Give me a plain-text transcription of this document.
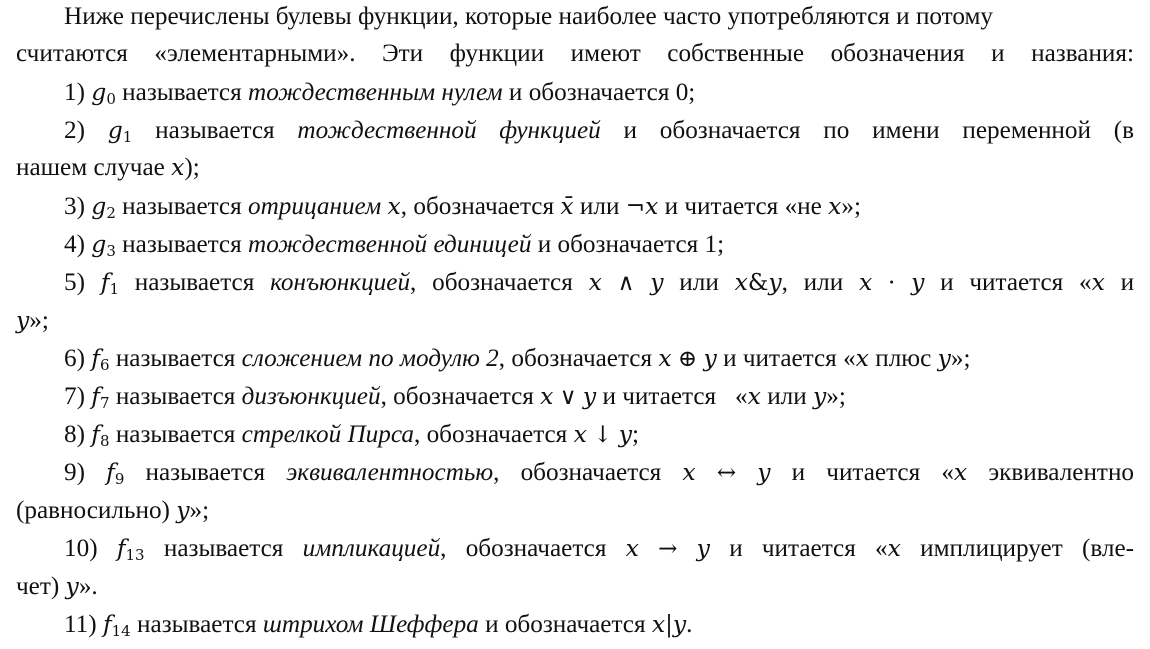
Ниже перечислены булевы функции, которые наиболее часто употребляются и потому
считаются «элементарными». Эти функции имеют собственные обозначения и названия:
1) $g_0$ называется тождественным нулем и обозначается 0;
2) $g_1$ называется тождественной функцией и обозначается по имени переменной (в
нашем случае x);
3) $g_2$ называется отрицанием x, обозначается x̄ или ¬x и читается «не x»;
4) $g_3$ называется тождественной единицей и обозначается 1;
5) $f_1$ называется конъюнкцией, обозначается x ∧ y или x&y, или x · y и читается «x и
y»;
6) $f_6$ называется сложением по модулю 2, обозначается x ⊕ y и читается «x плюс y»;
7) $f_7$ называется дизъюнкцией, обозначается x ∨ y и читается «x или y»;
8) $f_8$ называется стрелкой Пирса, обозначается x ↓ y;
9) $f_9$ называется эквивалентностью, обозначается x ↔ y и читается «x эквивалентно
(равносильно) y»;
10) $f_{13}$ называется импликацией, обозначается x → y и читается «x имплицирует (вле-
чет) y».
11) $f_{14}$ называется штрихом Шеффера и обозначается x|y.
